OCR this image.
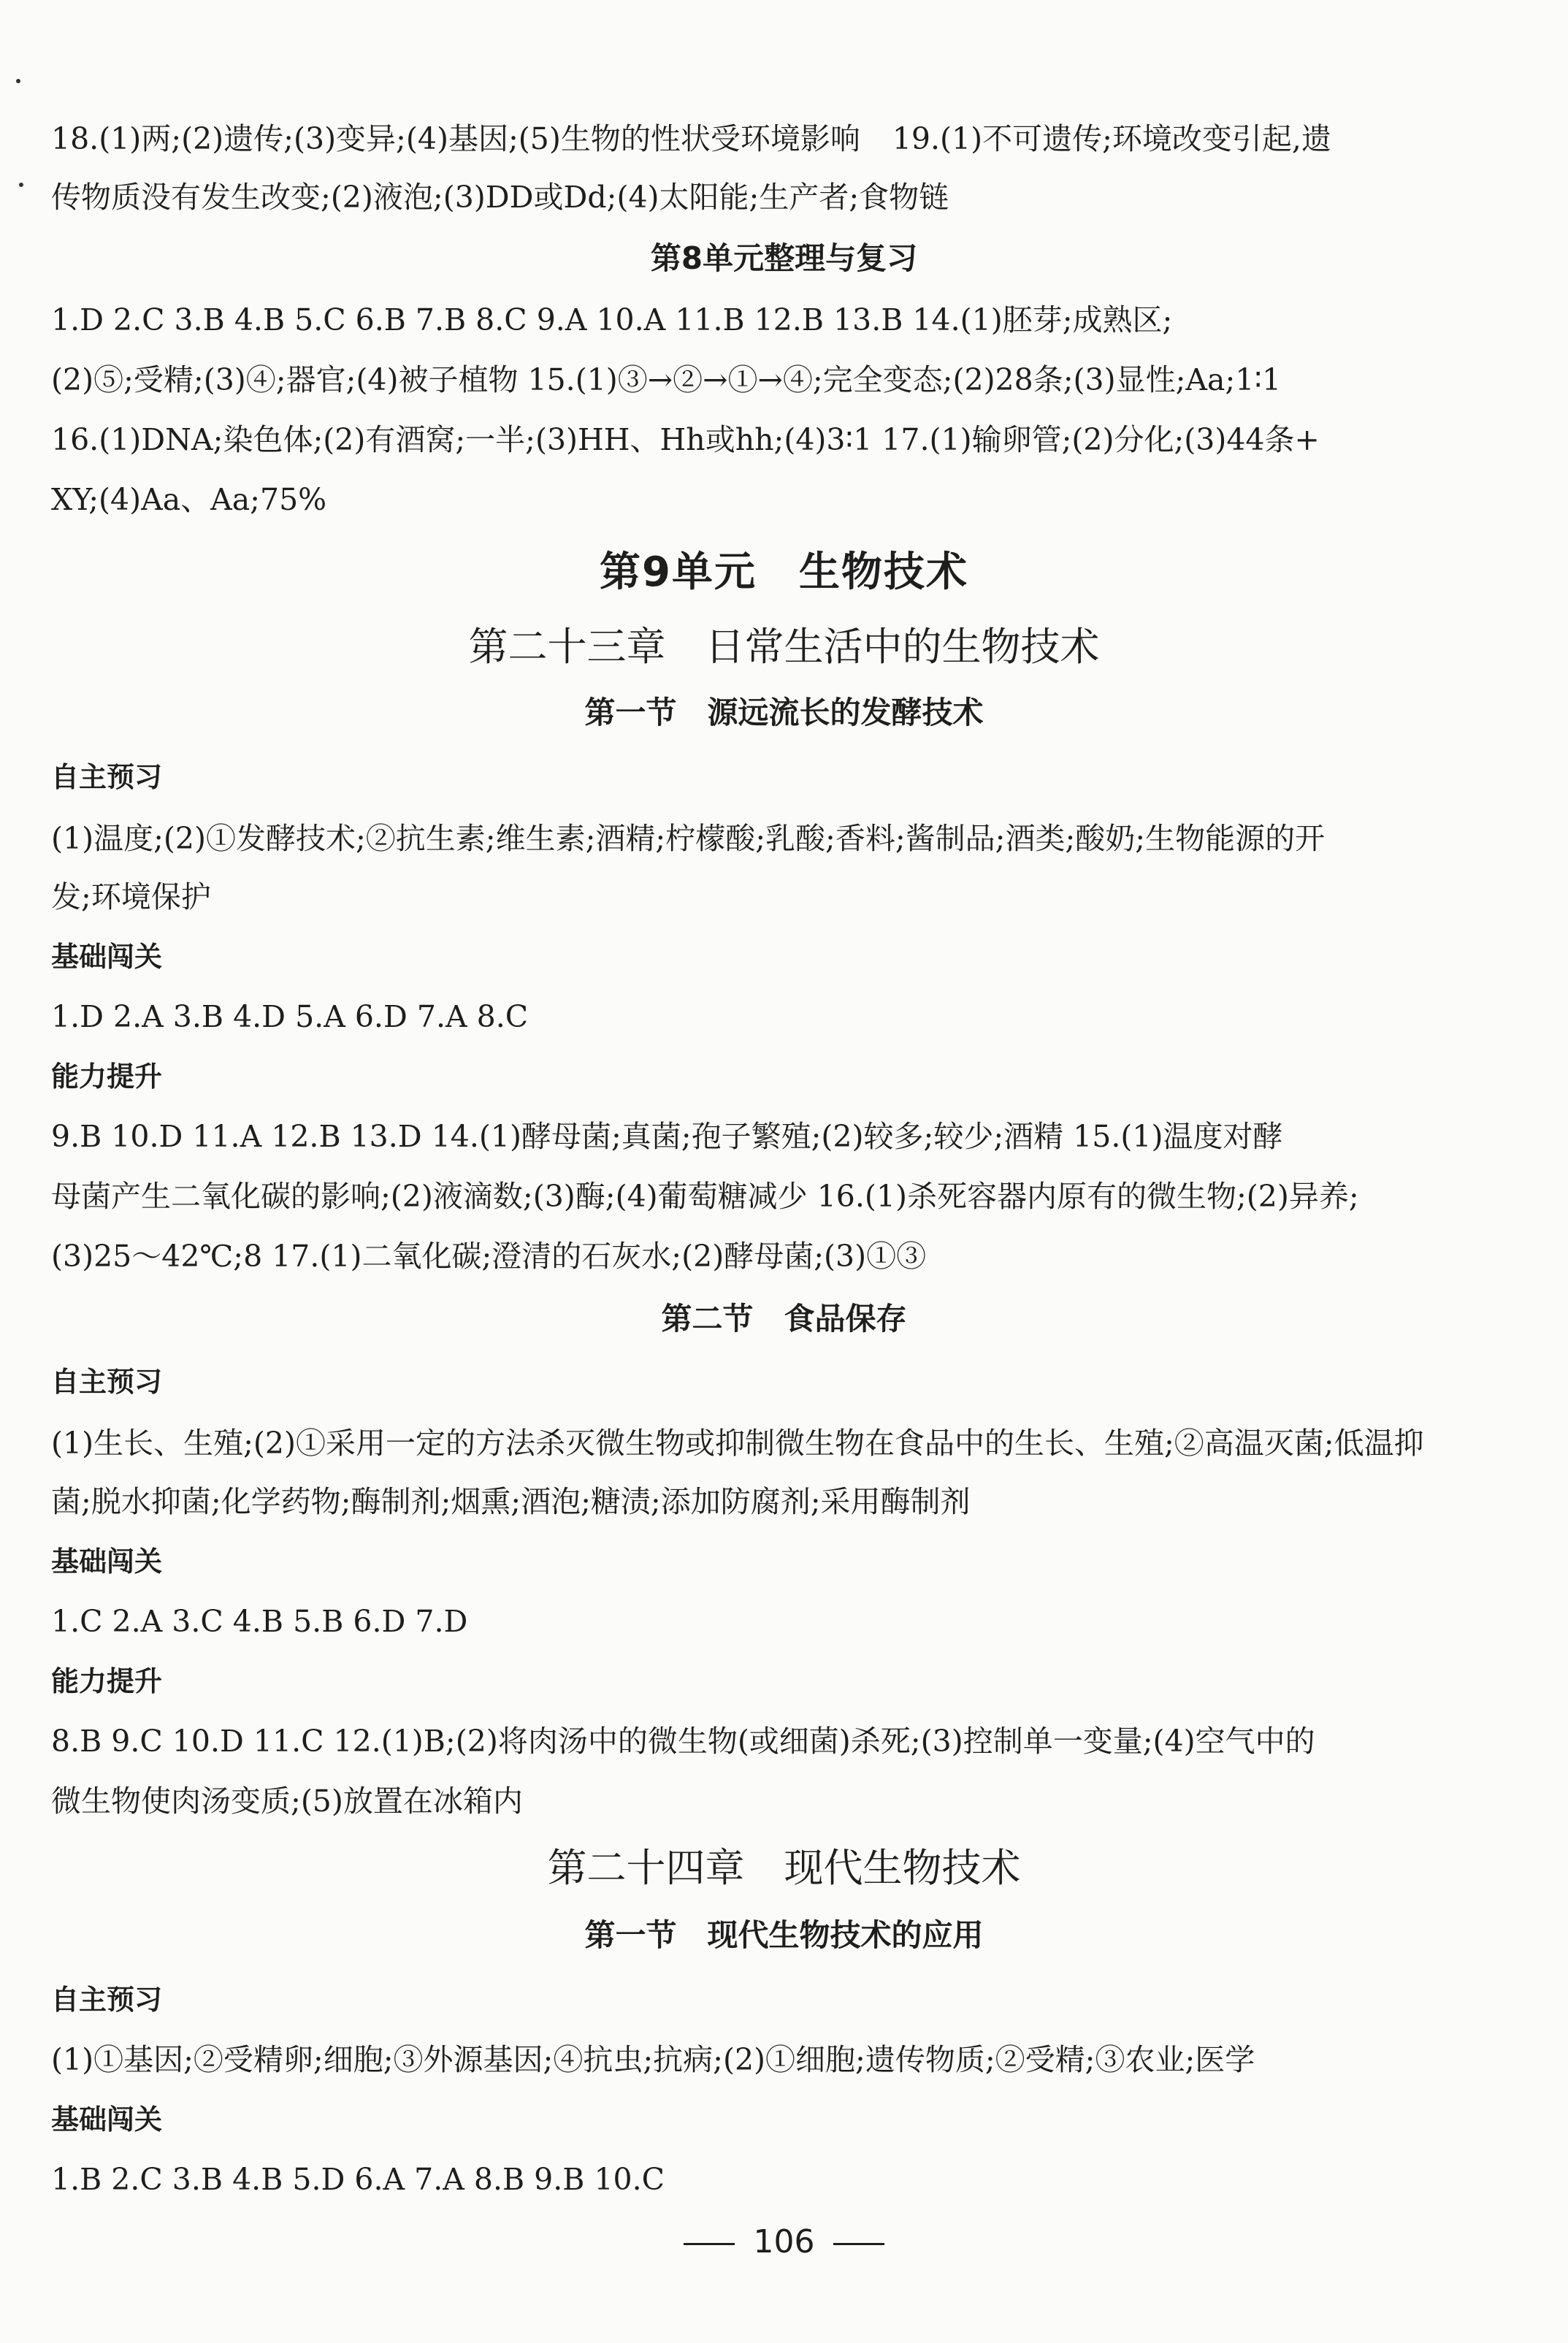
18.(1)两;(2)遗传;(3)变异;(4)基因;(5)生物的性状受环境影响 19.(1)不可遗传;环境改变引起,遗
传物质没有发生改变;(2)液泡;(3)DD或Dd;(4)太阳能;生产者;食物链
第8单元整理与复习
1.D 2.C 3.B 4.B 5.C 6.B 7.B 8.C 9.A 10.A 11.B 12.B 13.B 14.(1)胚芽;成熟区;
(2)⑤;受精;(3)④;器官;(4)被子植物 15.(1)③→②→①→④;完全变态;(2)28条;(3)显性;Aa;1∶1
16.(1)DNA;染色体;(2)有酒窝;一半;(3)HH、Hh或hh;(4)3∶1 17.(1)输卵管;(2)分化;(3)44条+
XY;(4)Aa、Aa;75%
第9单元　生物技术
第二十三章　日常生活中的生物技术
第一节　源远流长的发酵技术
自主预习
(1)温度;(2)①发酵技术;②抗生素;维生素;酒精;柠檬酸;乳酸;香料;酱制品;酒类;酸奶;生物能源的开
发;环境保护
基础闯关
1.D 2.A 3.B 4.D 5.A 6.D 7.A 8.C
能力提升
9.B 10.D 11.A 12.B 13.D 14.(1)酵母菌;真菌;孢子繁殖;(2)较多;较少;酒精 15.(1)温度对酵
母菌产生二氧化碳的影响;(2)液滴数;(3)酶;(4)葡萄糖减少 16.(1)杀死容器内原有的微生物;(2)异养;
(3)25～42℃;8 17.(1)二氧化碳;澄清的石灰水;(2)酵母菌;(3)①③
第二节　食品保存
自主预习
(1)生长、生殖;(2)①采用一定的方法杀灭微生物或抑制微生物在食品中的生长、生殖;②高温灭菌;低温抑
菌;脱水抑菌;化学药物;酶制剂;烟熏;酒泡;糖渍;添加防腐剂;采用酶制剂
基础闯关
1.C 2.A 3.C 4.B 5.B 6.D 7.D
能力提升
8.B 9.C 10.D 11.C 12.(1)B;(2)将肉汤中的微生物(或细菌)杀死;(3)控制单一变量;(4)空气中的
微生物使肉汤变质;(5)放置在冰箱内
第二十四章　现代生物技术
第一节　现代生物技术的应用
自主预习
(1)①基因;②受精卵;细胞;③外源基因;④抗虫;抗病;(2)①细胞;遗传物质;②受精;③农业;医学
基础闯关
1.B 2.C 3.B 4.B 5.D 6.A 7.A 8.B 9.B 10.C
106
